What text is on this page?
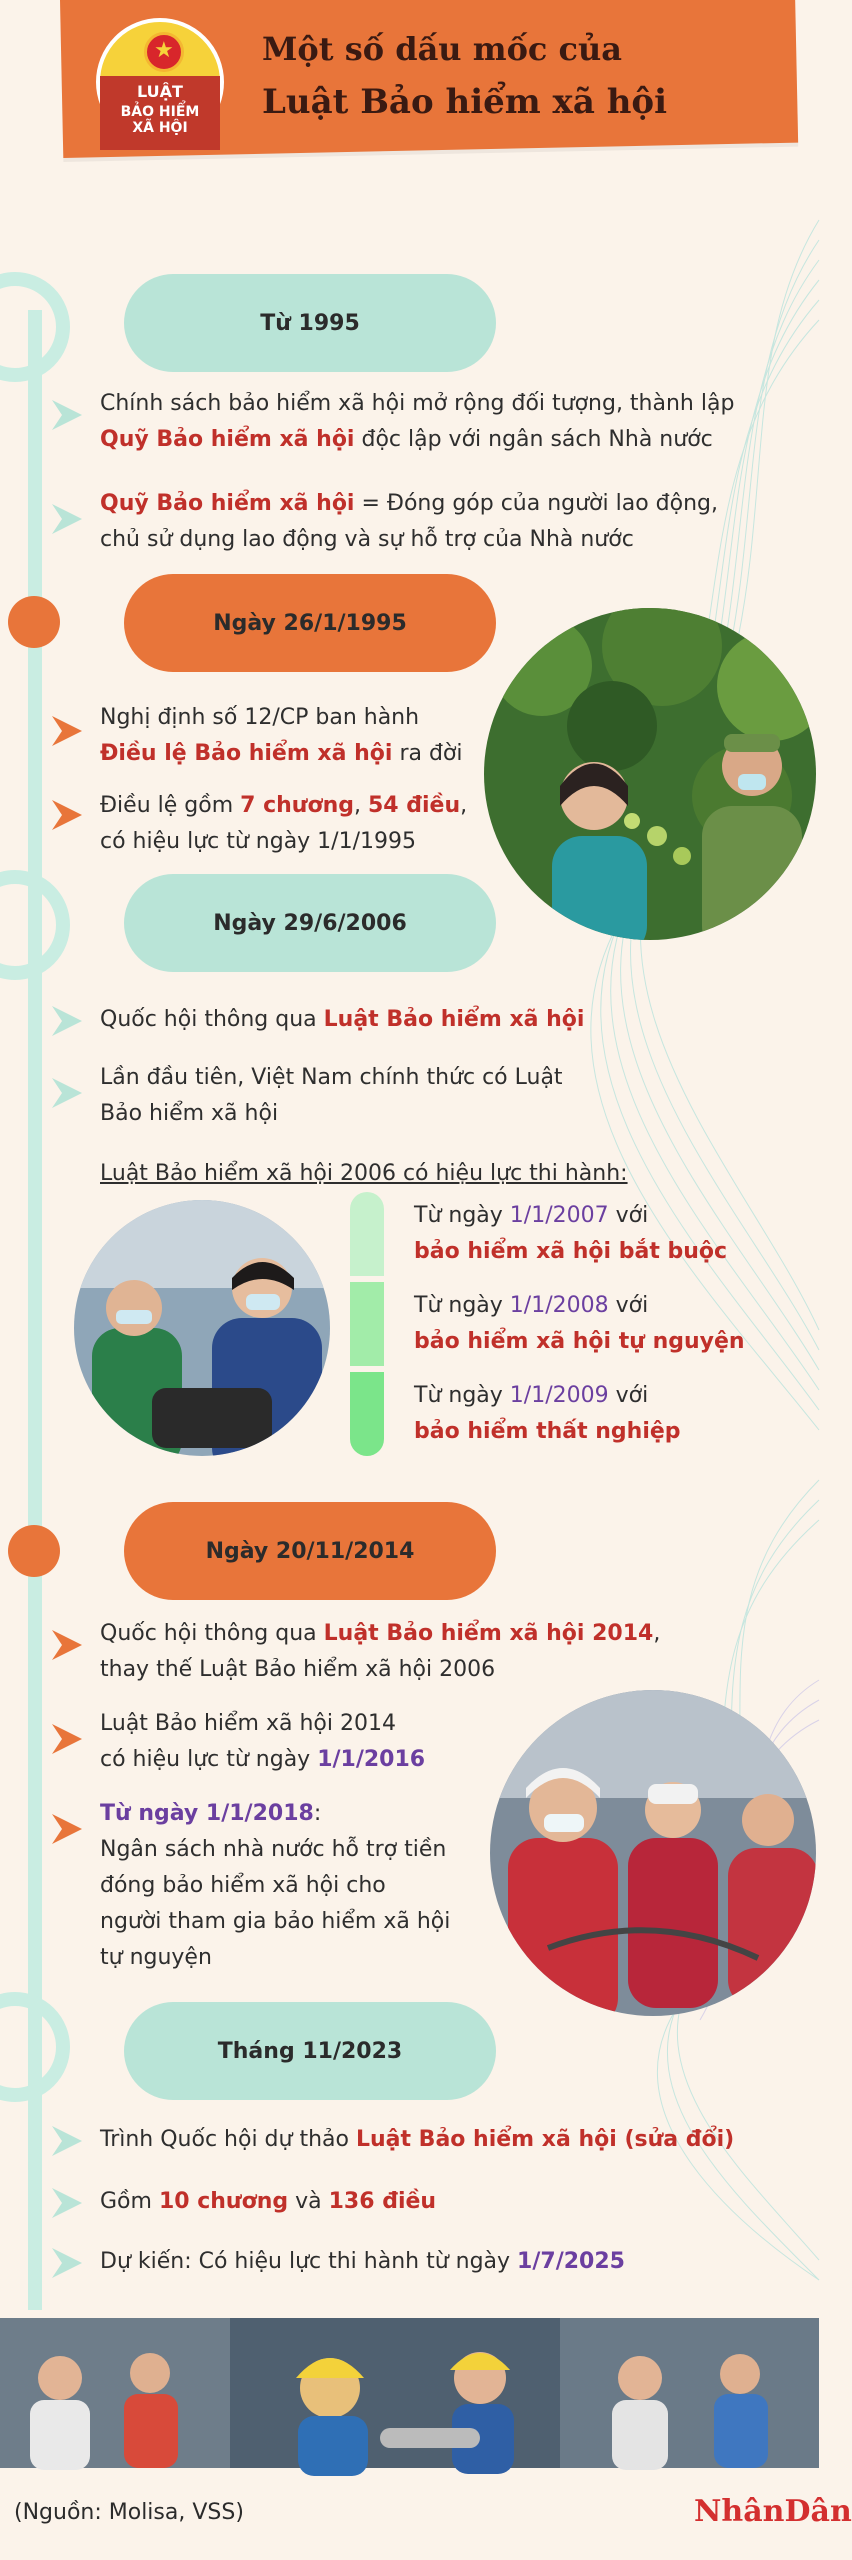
★
LUẬT
BẢO HIỂM
XÃ HỘI
Một số dấu mốc của
Luật Bảo hiểm xã hội
Từ 1995
Chính sách bảo hiểm xã hội mở rộng đối tượng, thành lập
Quỹ Bảo hiểm xã hội độc lập với ngân sách Nhà nước
Quỹ Bảo hiểm xã hội = Đóng góp của người lao động,
chủ sử dụng lao động và sự hỗ trợ của Nhà nước
Ngày 26/1/1995
Nghị định số 12/CP ban hành
Điều lệ Bảo hiểm xã hội ra đời
Điều lệ gồm 7 chương, 54 điều,
có hiệu lực từ ngày 1/1/1995
Ngày 29/6/2006
Quốc hội thông qua Luật Bảo hiểm xã hội
Lần đầu tiên, Việt Nam chính thức có Luật
Bảo hiểm xã hội
Luật Bảo hiểm xã hội 2006 có hiệu lực thi hành:
Từ ngày 1/1/2007 với
bảo hiểm xã hội bắt buộc
Từ ngày 1/1/2008 với
bảo hiểm xã hội tự nguyện
Từ ngày 1/1/2009 với
bảo hiểm thất nghiệp
Ngày 20/11/2014
Quốc hội thông qua Luật Bảo hiểm xã hội 2014,
thay thế Luật Bảo hiểm xã hội 2006
Luật Bảo hiểm xã hội 2014
có hiệu lực từ ngày 1/1/2016
Từ ngày 1/1/2018:
Ngân sách nhà nước hỗ trợ tiền
đóng bảo hiểm xã hội cho
người tham gia bảo hiểm xã hội
tự nguyện
Tháng 11/2023
Trình Quốc hội dự thảo Luật Bảo hiểm xã hội (sửa đổi)
Gồm 10 chương và 136 điều
Dự kiến: Có hiệu lực thi hành từ ngày 1/7/2025
(Nguồn: Molisa, VSS)	NhânDân
